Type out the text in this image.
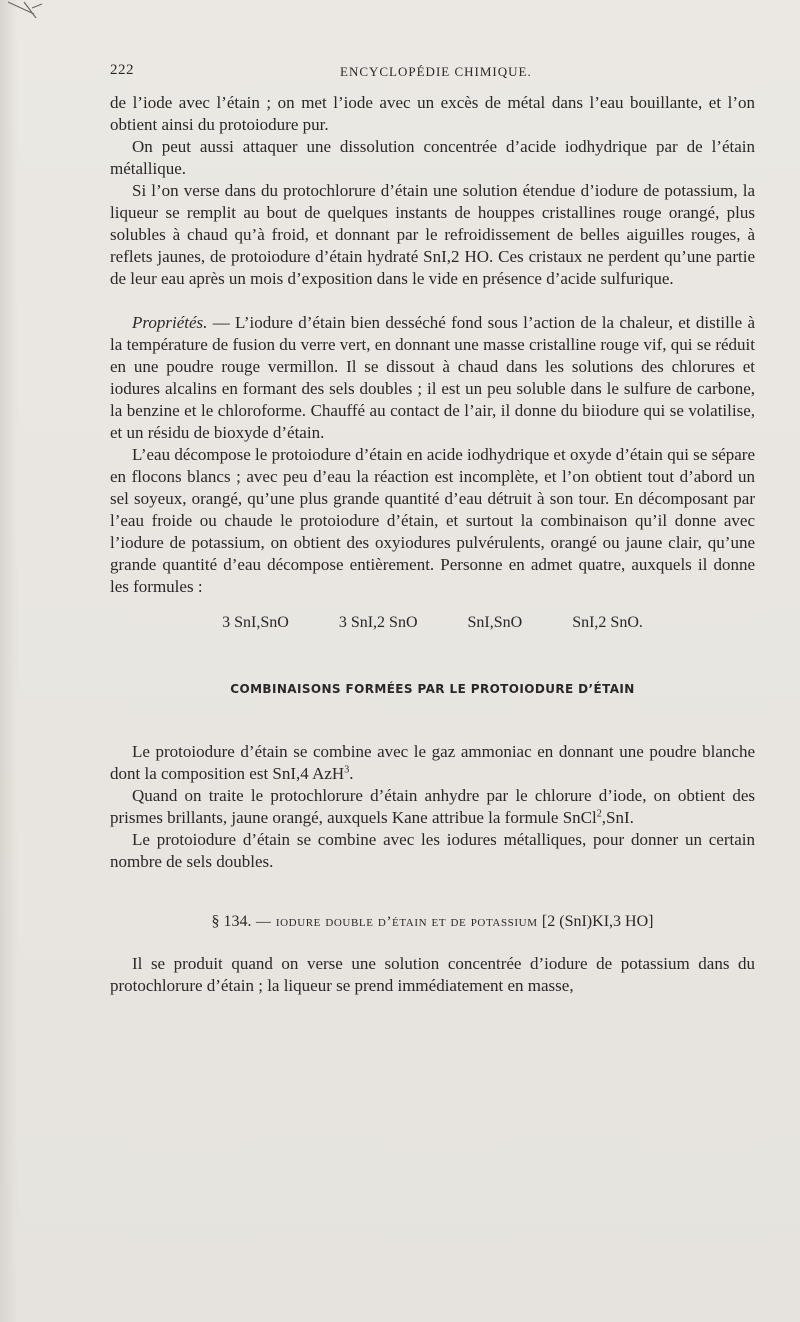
222	ENCYCLOPÉDIE CHIMIQUE.

de l’iode avec l’étain ; on met l’iode avec un excès de métal dans l’eau bouillante, et l’on obtient ainsi du protoiodure pur.

On peut aussi attaquer une dissolution concentrée d’acide iodhydrique par de l’étain métallique.

Si l’on verse dans du protochlorure d’étain une solution étendue d’iodure de potassium, la liqueur se remplit au bout de quelques instants de houppes cristallines rouge orangé, plus solubles à chaud qu’à froid, et donnant par le refroidissement de belles aiguilles rouges, à reflets jaunes, de protoiodure d’étain hydraté SnI,2 HO. Ces cristaux ne perdent qu’une partie de leur eau après un mois d’exposition dans le vide en présence d’acide sulfurique.

Propriétés. — L’iodure d’étain bien desséché fond sous l’action de la chaleur, et distille à la température de fusion du verre vert, en donnant une masse cristalline rouge vif, qui se réduit en une poudre rouge vermillon. Il se dissout à chaud dans les solutions des chlorures et iodures alcalins en formant des sels doubles ; il est un peu soluble dans le sulfure de carbone, la benzine et le chloroforme. Chauffé au contact de l’air, il donne du biiodure qui se volatilise, et un résidu de bioxyde d’étain.

L’eau décompose le protoiodure d’étain en acide iodhydrique et oxyde d’étain qui se sépare en flocons blancs ; avec peu d’eau la réaction est incomplète, et l’on obtient tout d’abord un sel soyeux, orangé, qu’une plus grande quantité d’eau détruit à son tour. En décomposant par l’eau froide ou chaude le protoiodure d’étain, et surtout la combinaison qu’il donne avec l’iodure de potassium, on obtient des oxyiodures pulvérulents, orangé ou jaune clair, qu’une grande quantité d’eau décompose entièrement. Personne en admet quatre, auxquels il donne les formules :

3 SnI,SnO	3 SnI,2 SnO	SnI,SnO	SnI,2 SnO.
COMBINAISONS FORMÉES PAR LE PROTOIODURE D’ÉTAIN

Le protoiodure d’étain se combine avec le gaz ammoniac en donnant une poudre blanche dont la composition est SnI,4 AzH$^3$.

Quand on traite le protochlorure d’étain anhydre par le chlorure d’iode, on obtient des prismes brillants, jaune orangé, auxquels Kane attribue la formule SnCl$^2$,SnI.

Le protoiodure d’étain se combine avec les iodures métalliques, pour donner un certain nombre de sels doubles.

§ 134. — iodure double d’étain et de potassium [2 (SnI)KI,3 HO]

Il se produit quand on verse une solution concentrée d’iodure de potassium dans du protochlorure d’étain ; la liqueur se prend immédiatement en masse,
